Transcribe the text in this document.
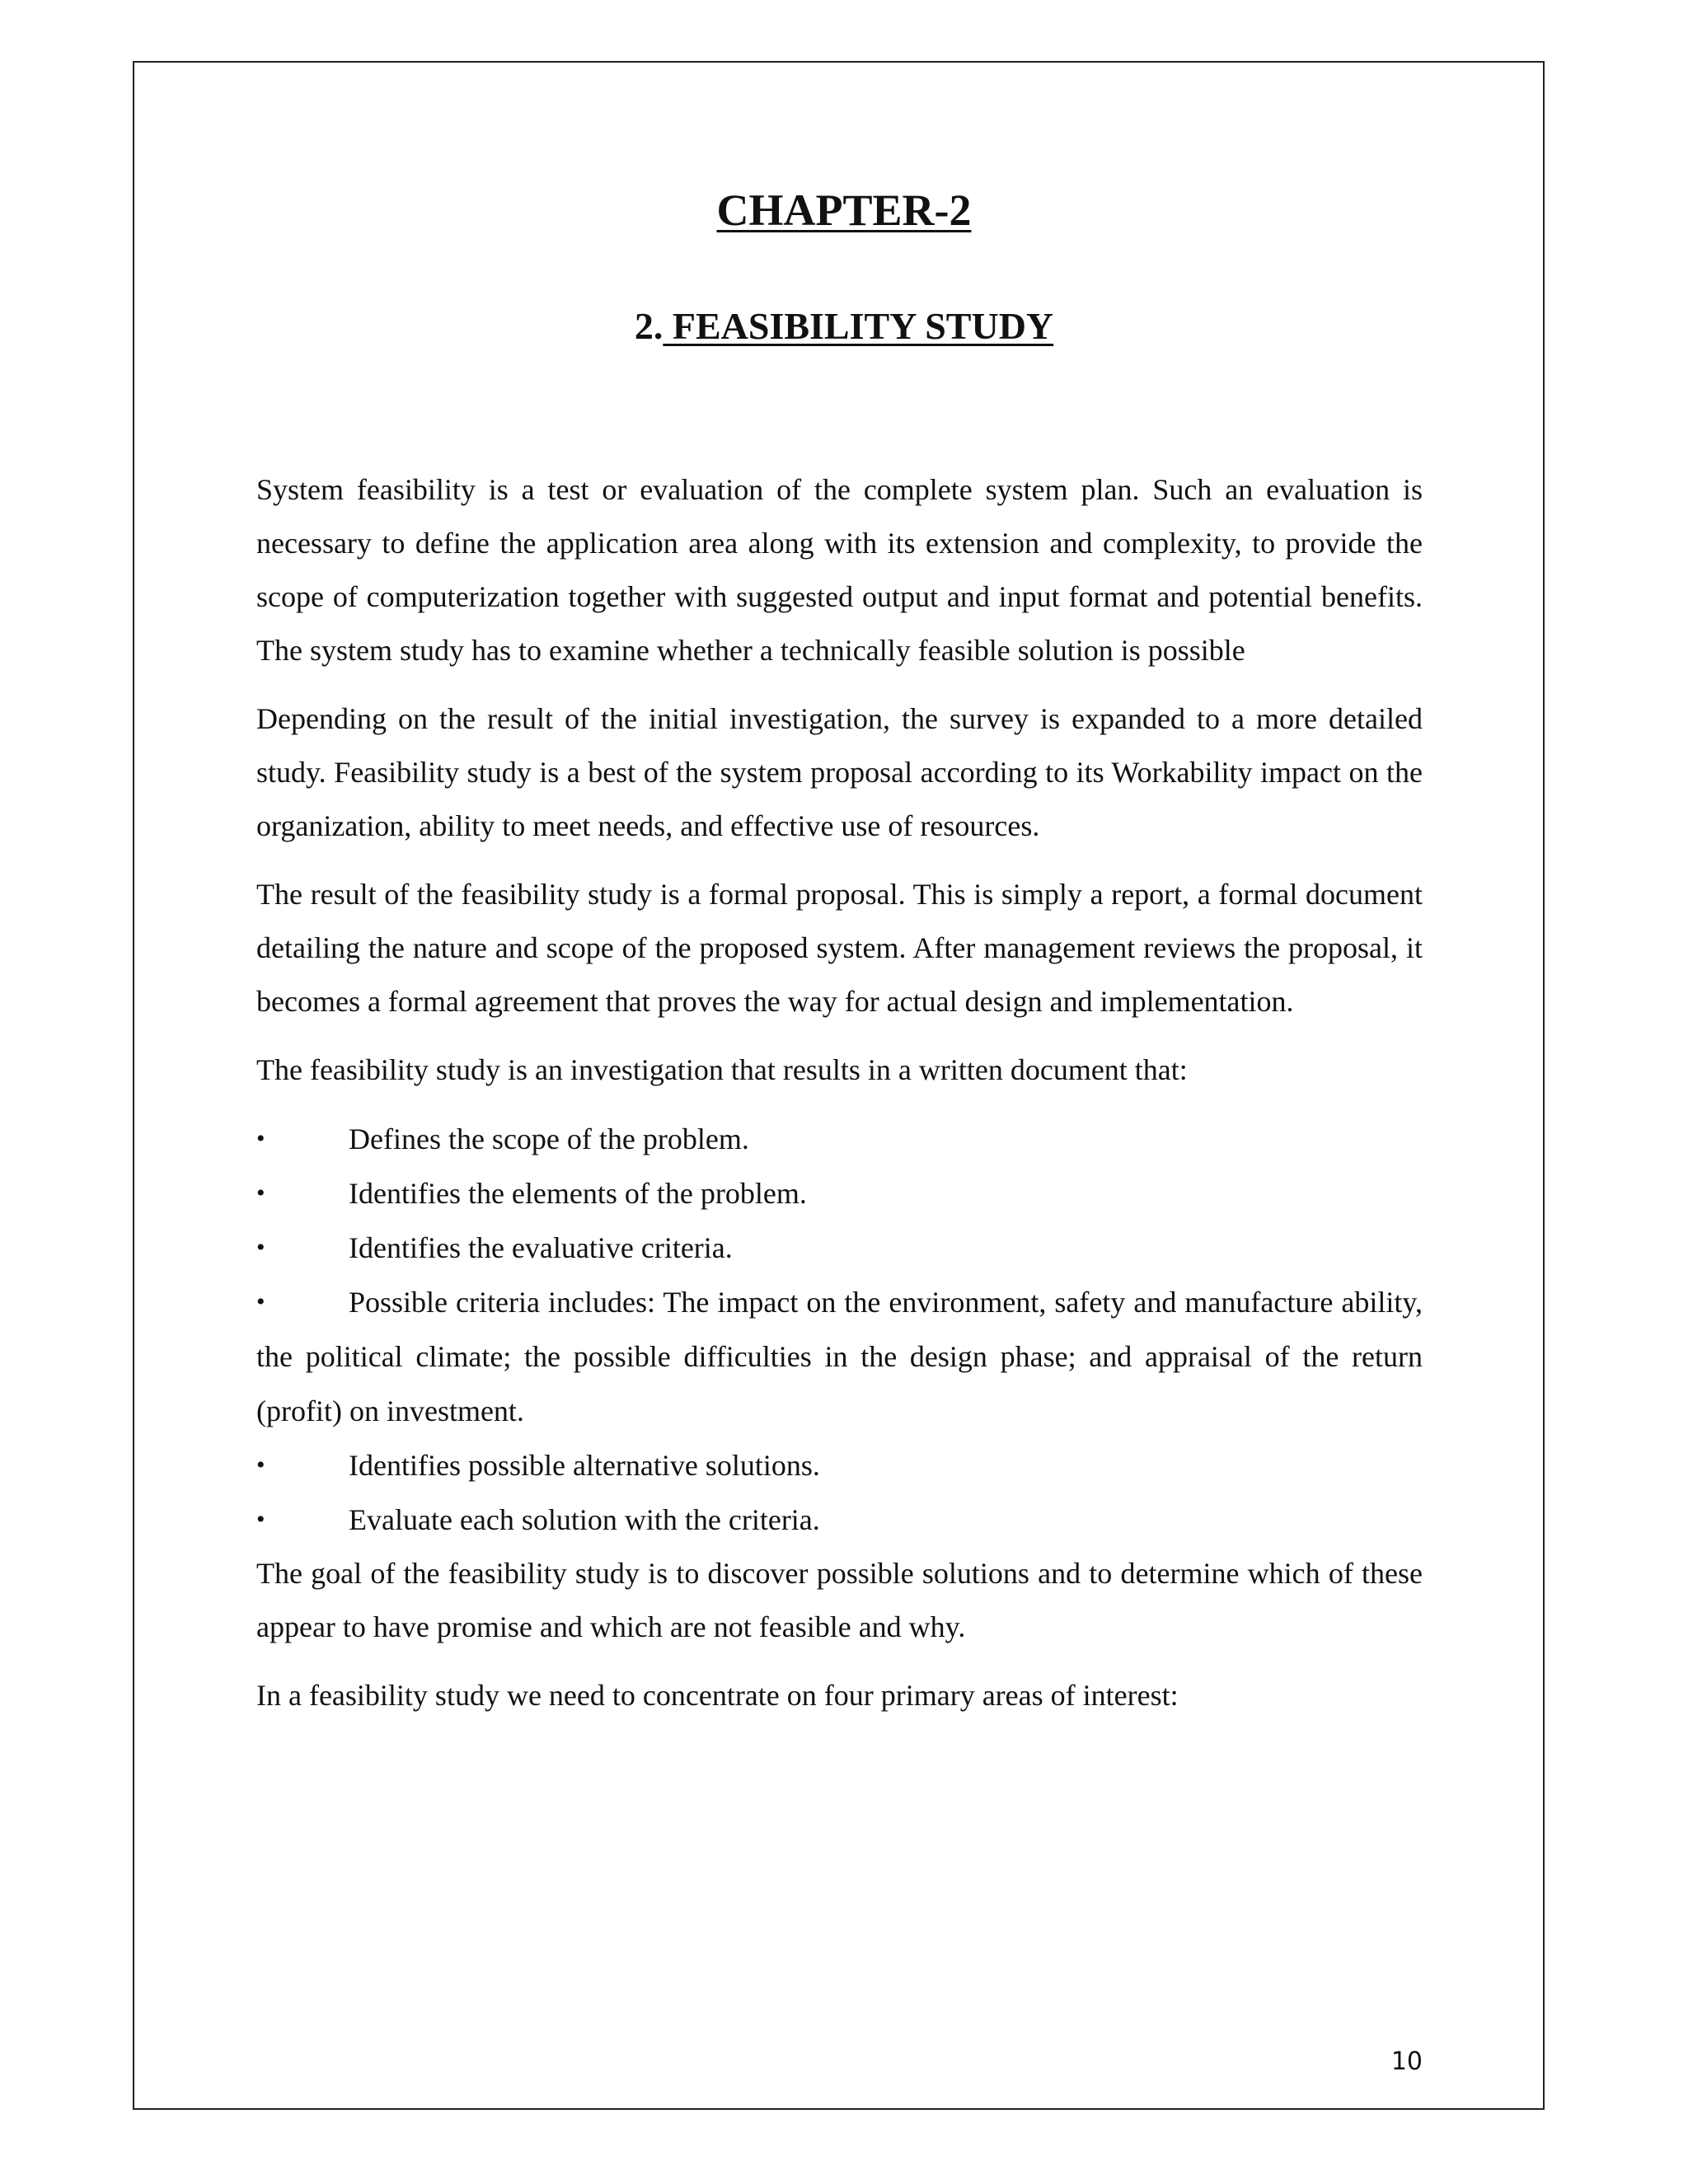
CHAPTER-2
2. FEASIBILITY STUDY

System feasibility is a test or evaluation of the complete system plan. Such an evaluation is necessary to define the application area along with its extension and complexity, to provide the scope of computerization together with suggested output and input format and potential benefits. The system study has to examine whether a technically feasible solution is possible

Depending on the result of the initial investigation, the survey is expanded to a more detailed study. Feasibility study is a best of the system proposal according to its Workability impact on the organization, ability to meet needs, and effective use of resources.

The result of the feasibility study is a formal proposal. This is simply a report, a formal document detailing the nature and scope of the proposed system. After management reviews the proposal, it becomes a formal agreement that proves the way for actual design and implementation.

The feasibility study is an investigation that results in a written document that:

•	Defines the scope of the problem.
•	Identifies the elements of the problem.
•	Identifies the evaluative criteria.
•	Possible criteria includes: The impact on the environment, safety and manufacture ability, the political climate; the possible difficulties in the design phase; and appraisal of the return (profit) on investment.
•	Identifies possible alternative solutions.
•	Evaluate each solution with the criteria.

The goal of the feasibility study is to discover possible solutions and to determine which of these appear to have promise and which are not feasible and why.

In a feasibility study we need to concentrate on four primary areas of interest:

10
